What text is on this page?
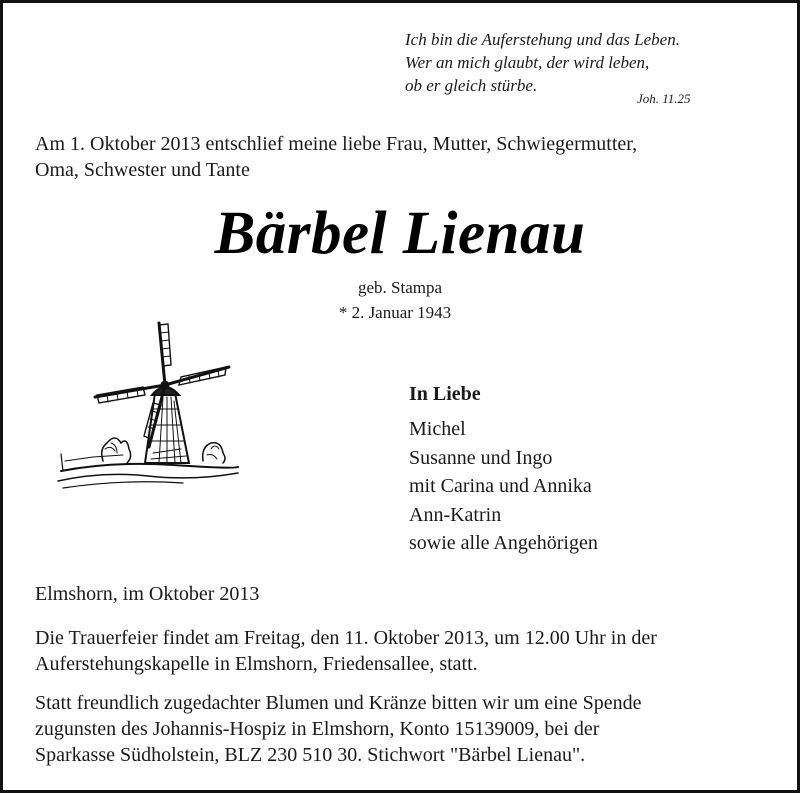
Ich bin die Auferstehung und das Leben.
Wer an mich glaubt, der wird leben,
ob er gleich stürbe.
Joh. 11.25
Am 1. Oktober 2013 entschlief meine liebe Frau, Mutter, Schwiegermutter,
Oma, Schwester und Tante
Bärbel Lienau
geb. Stampa
* 2. Januar 1943
In Liebe
Michel
Susanne und Ingo
mit Carina und Annika
Ann-Katrin
sowie alle Angehörigen
Elmshorn, im Oktober 2013
Die Trauerfeier findet am Freitag, den 11. Oktober 2013, um 12.00 Uhr in der
Auferstehungskapelle in Elmshorn, Friedensallee, statt.
Statt freundlich zugedachter Blumen und Kränze bitten wir um eine Spende
zugunsten des Johannis-Hospiz in Elmshorn, Konto 15139009, bei der
Sparkasse Südholstein, BLZ 230 510 30. Stichwort "Bärbel Lienau".
